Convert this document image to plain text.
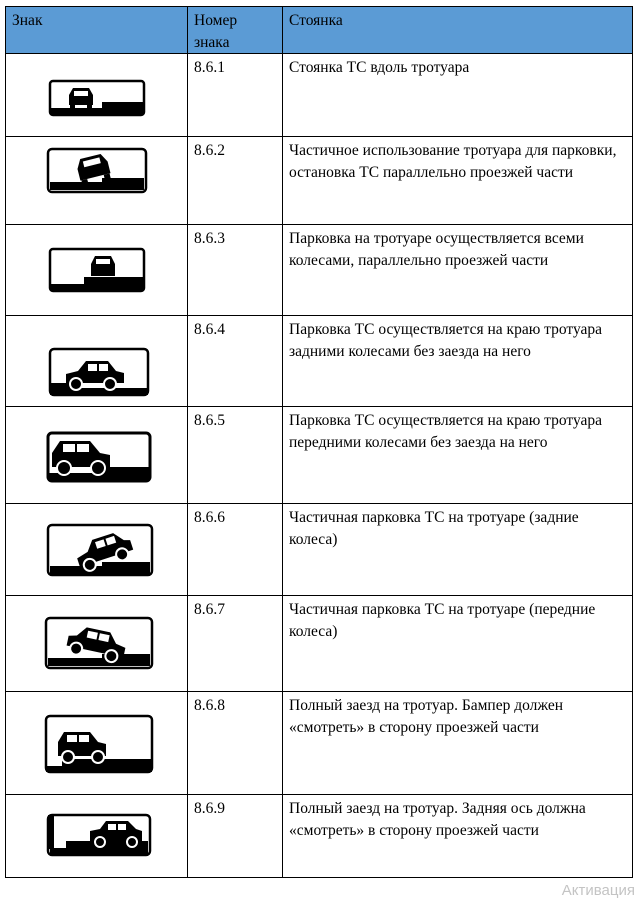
Знак	Номер знака	Стоянка

	8.6.1	Стоянка ТС вдоль тротуара

	8.6.2	Частичное использование тротуара для парковки, остановка ТС параллельно проезжей части

	8.6.3	Парковка на тротуаре осуществляется всеми колесами, параллельно проезжей части

	8.6.4	Парковка ТС осуществляется на краю тротуара задними колесами без заезда на него

	8.6.5	Парковка ТС осуществляется на краю тротуара передними колесами без заезда на него

	8.6.6	Частичная парковка ТС на тротуаре (задние колеса)

	8.6.7	Частичная парковка ТС на тротуаре (передние колеса)

	8.6.8	Полный заезд на тротуар. Бампер должен «смотреть» в сторону проезжей части

	8.6.9	Полный заезд на тротуар. Задняя ось должна «смотреть» в сторону проезжей части
Активация
